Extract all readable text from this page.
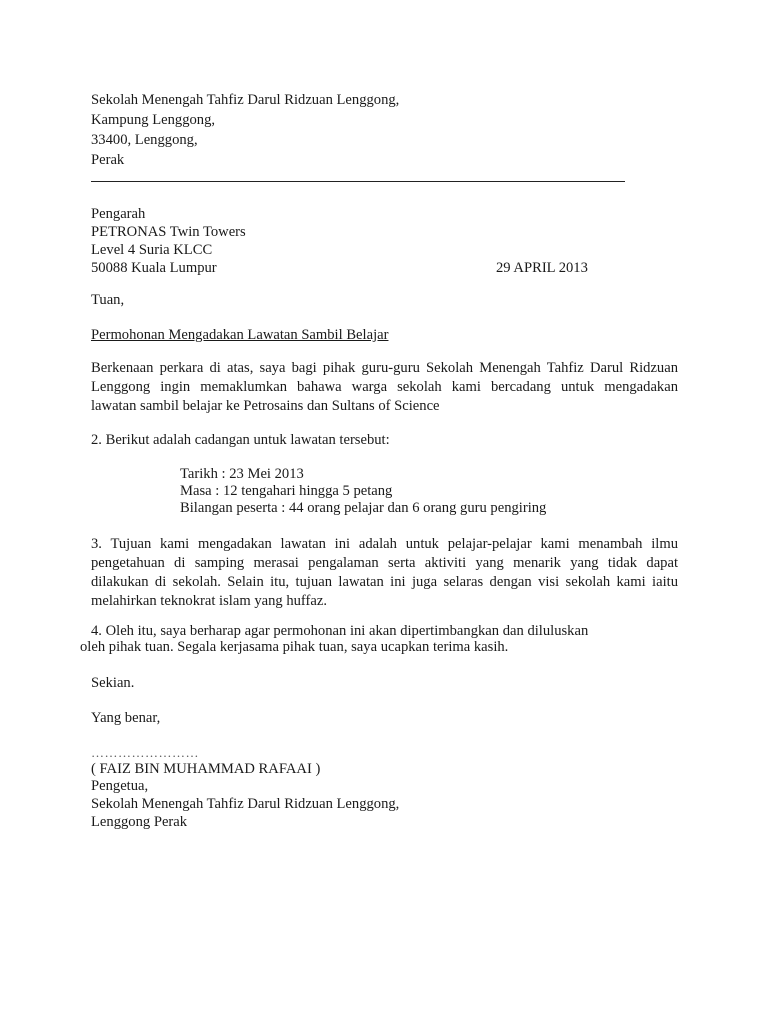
Sekolah Menengah Tahfiz Darul Ridzuan Lenggong,
Kampung Lenggong,
33400, Lenggong,
Perak
Pengarah
PETRONAS Twin Towers
Level 4 Suria KLCC
50088 Kuala Lumpur	29 APRIL 2013
Tuan,
Permohonan Mengadakan Lawatan Sambil Belajar
Berkenaan perkara di atas, saya bagi pihak guru-guru Sekolah Menengah Tahfiz Darul Ridzuan
Lenggong ingin memaklumkan bahawa warga sekolah kami bercadang untuk mengadakan
lawatan sambil belajar ke Petrosains dan Sultans of Science
2. Berikut adalah cadangan untuk lawatan tersebut:
Tarikh : 23 Mei 2013
Masa : 12 tengahari hingga 5 petang
Bilangan peserta : 44 orang pelajar dan 6 orang guru pengiring
3. Tujuan kami mengadakan lawatan ini adalah untuk pelajar-pelajar kami menambah ilmu
pengetahuan di samping merasai pengalaman serta aktiviti yang menarik yang tidak dapat
dilakukan di sekolah. Selain itu, tujuan lawatan ini juga selaras dengan visi sekolah kami iaitu
melahirkan teknokrat islam yang huffaz.
4. Oleh itu, saya berharap agar permohonan ini akan dipertimbangkan dan diluluskan
oleh pihak tuan. Segala kerjasama pihak tuan, saya ucapkan terima kasih.
Sekian.
Yang benar,
……………………
( FAIZ BIN MUHAMMAD RAFAAI )
Pengetua,
Sekolah Menengah Tahfiz Darul Ridzuan Lenggong,
Lenggong Perak
